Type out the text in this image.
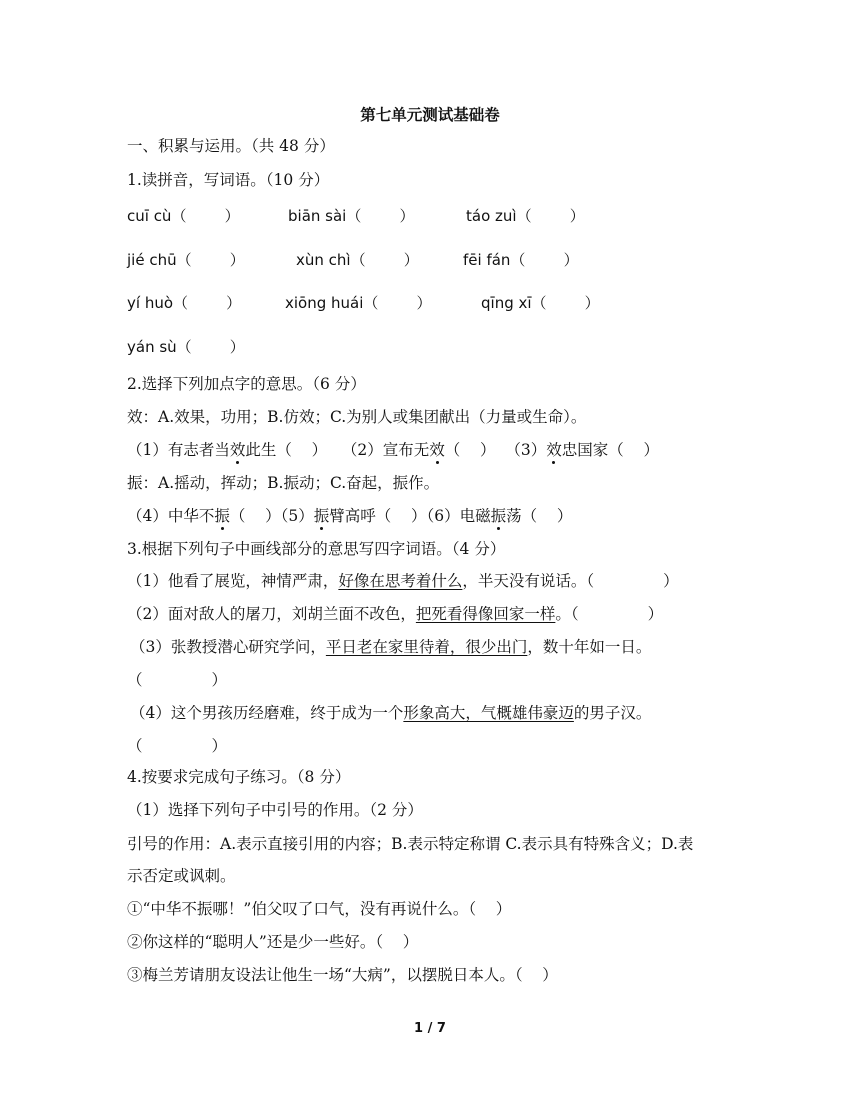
第七单元测试基础卷
一、积累与运用。（共 48 分）
1.读拼音，写词语。（10 分）
cuī cù（        ）	biān sài（        ）	táo zuì（        ）
jié chū（        ）	xùn chì（        ）	fēi fán（        ）
yí huò（        ）	xiōng huái（        ）	qīng xī（        ）
yán sù（        ）
2.选择下列加点字的意思。（6 分）
效：A.效果，功用；B.仿效；C.为别人或集团献出（力量或生命）。
（1）有志者当效此生（    ） （2）宣布无效（    ） （3）效忠国家（    ）
振：A.摇动，挥动；B.振动；C.奋起，振作。
（4）中华不振（    ）（5）振臂高呼（    ）（6）电磁振荡（    ）
3.根据下列句子中画线部分的意思写四字词语。（4 分）
（1）他看了展览，神情严肃，好像在思考着什么，半天没有说话。（              ）
（2）面对敌人的屠刀，刘胡兰面不改色，把死看得像回家一样。（              ）
（3）张教授潜心研究学问，平日老在家里待着，很少出门，数十年如一日。
（              ）
（4）这个男孩历经磨难，终于成为一个形象高大，气概雄伟豪迈的男子汉。
（              ）
4.按要求完成句子练习。（8 分）
（1）选择下列句子中引号的作用。（2 分）
引号的作用：A.表示直接引用的内容；B.表示特定称谓 C.表示具有特殊含义；D.表
示否定或讽刺。
①“中华不振哪！”伯父叹了口气，没有再说什么。（    ）
②你这样的“聪明人”还是少一些好。（    ）
③梅兰芳请朋友设法让他生一场“大病”，以摆脱日本人。（    ）
1 / 7
